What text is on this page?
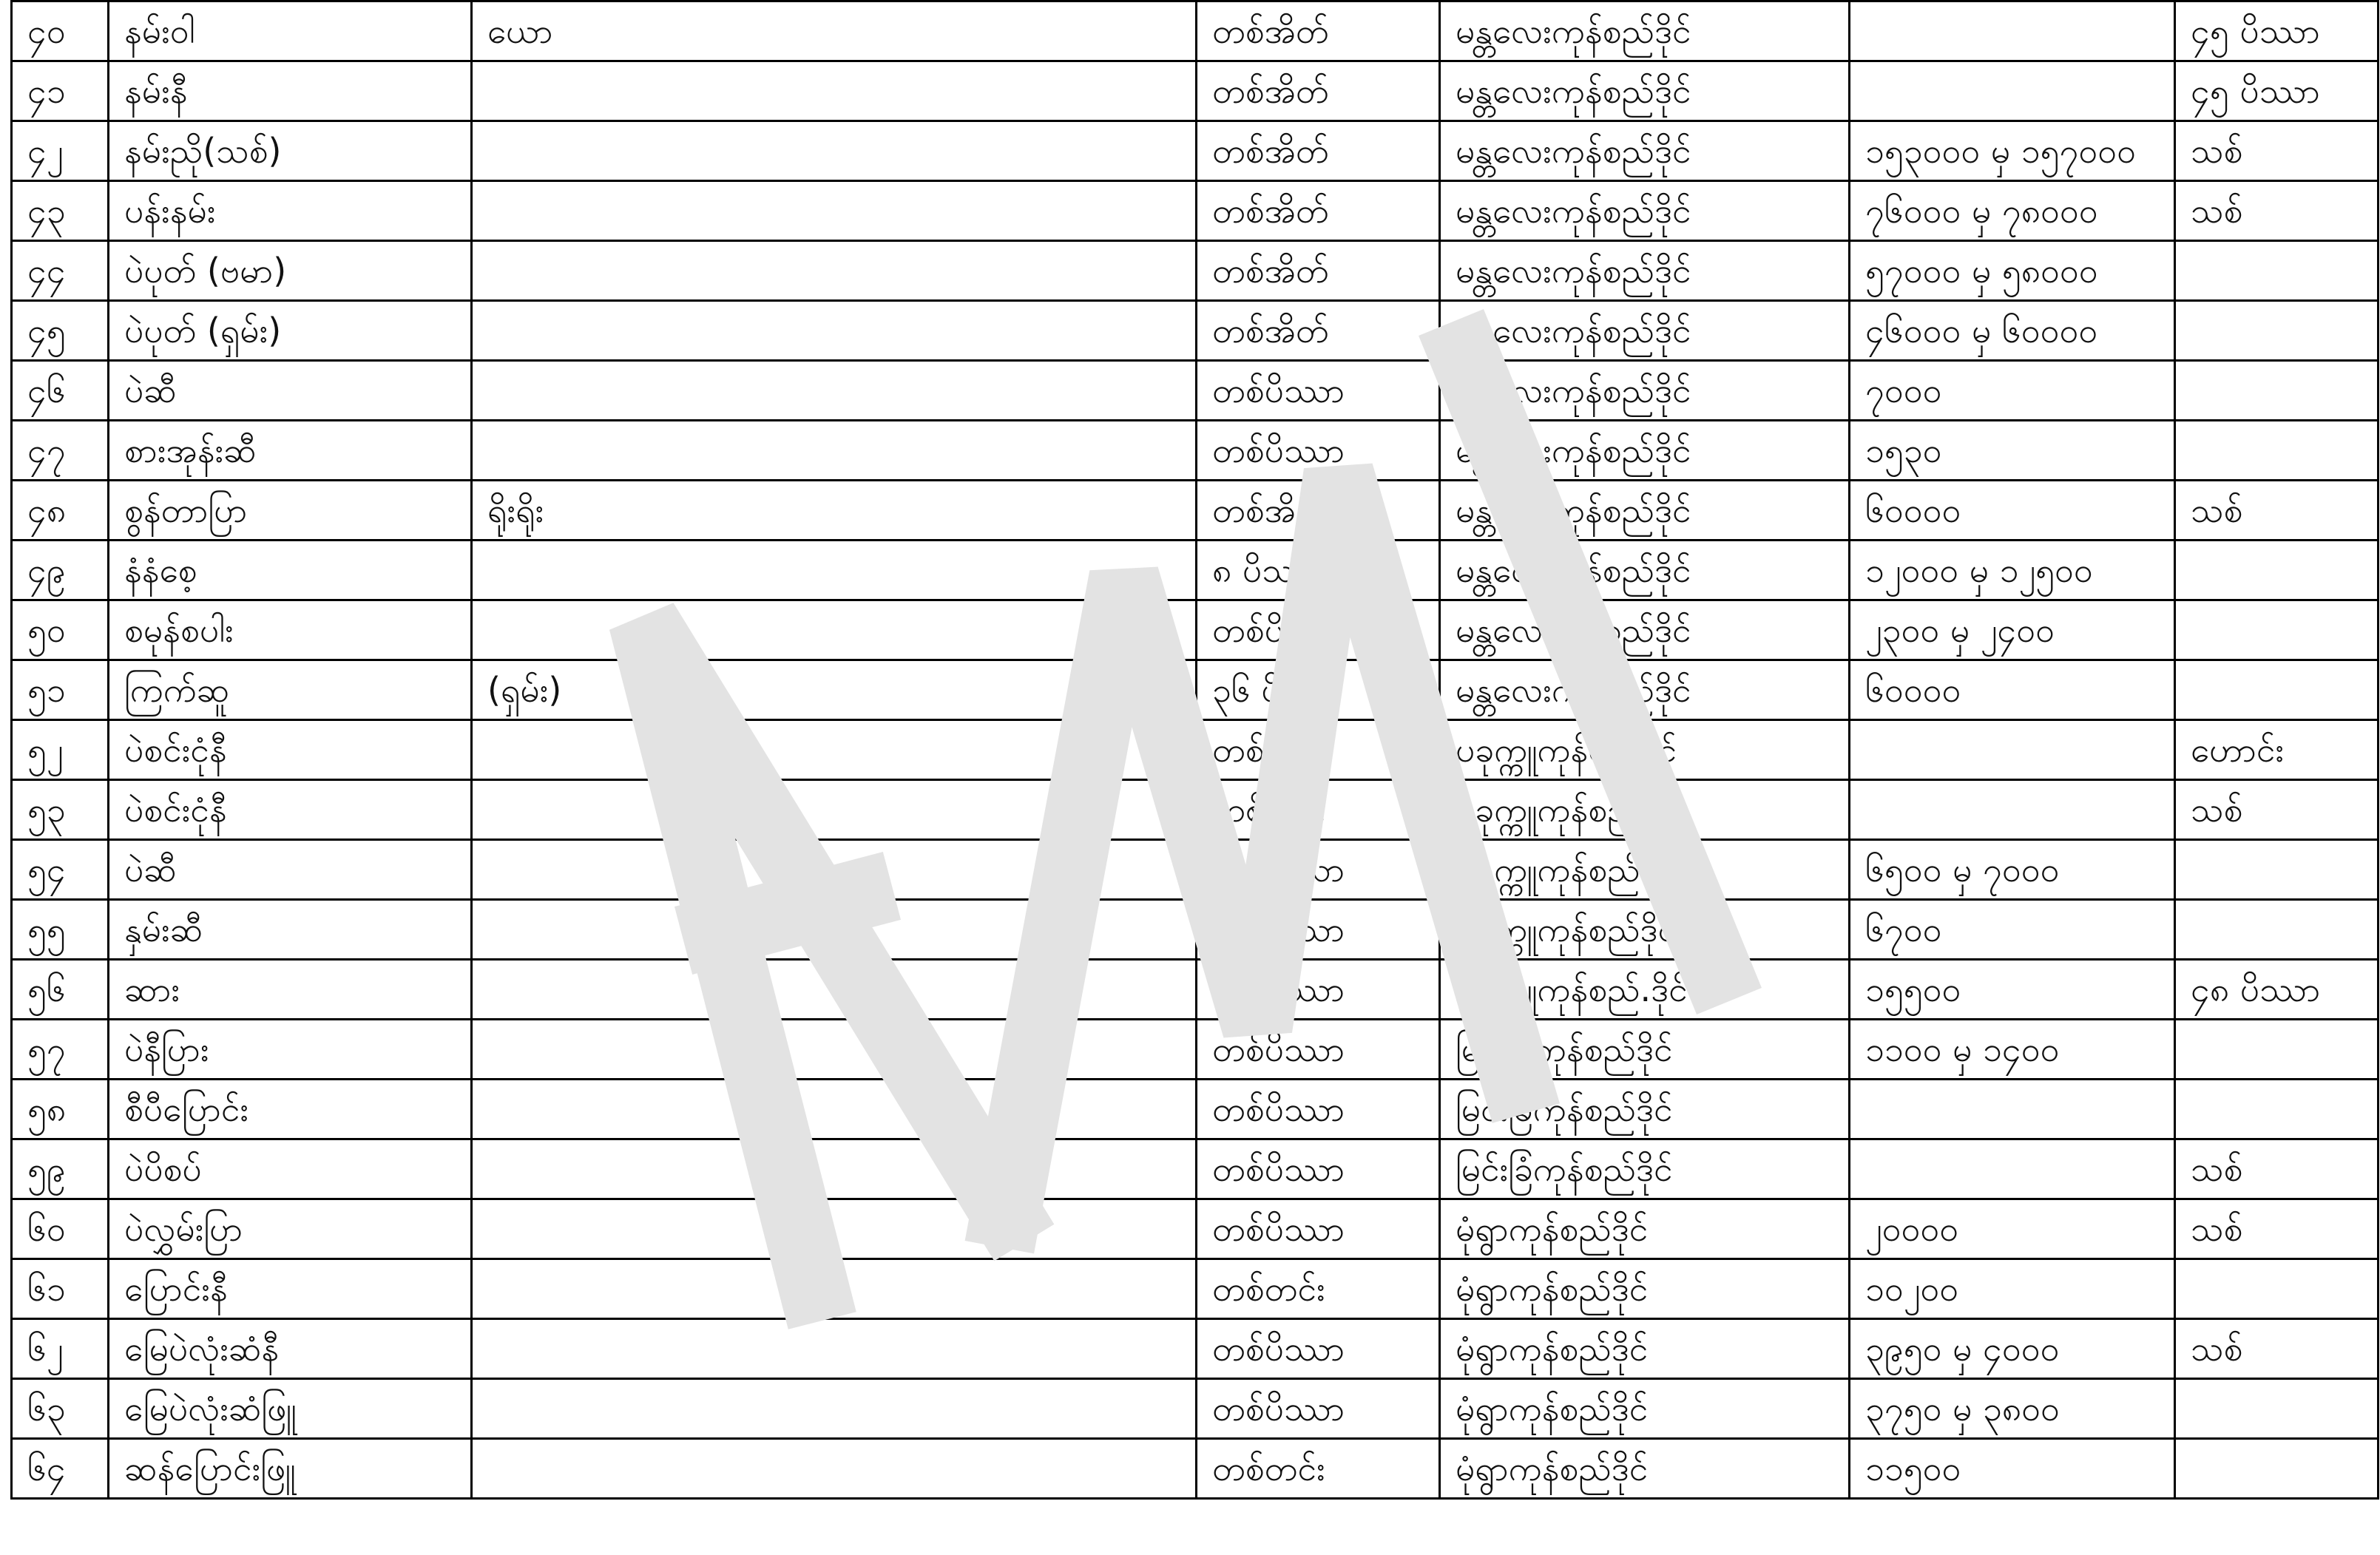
၄၀	နမ်းဝါ	ယော	တစ်အိတ်	မန္တလေးကုန်စည်ဒိုင်		၄၅ ပိဿာ
၄၁	နမ်းနီ		တစ်အိတ်	မန္တလေးကုန်စည်ဒိုင်		၄၅ ပိဿာ
၄၂	နမ်းညို(သစ်)		တစ်အိတ်	မန္တလေးကုန်စည်ဒိုင်	၁၅၃၀၀၀ မှ ၁၅၇၀၀၀	သစ်
၄၃	ပန်းနမ်း		တစ်အိတ်	မန္တလေးကုန်စည်ဒိုင်	၇၆၀၀၀ မှ ၇၈၀၀၀	သစ်
၄၄	ပဲပုတ် (ဗမာ)		တစ်အိတ်	မန္တလေးကုန်စည်ဒိုင်	၅၇၀၀၀ မှ ၅၈၀၀၀	
၄၅	ပဲပုတ် (ရှမ်း)		တစ်အိတ်	မန္တလေးကုန်စည်ဒိုင်	၄၆၀၀၀ မှ ၆၀၀၀၀	
၄၆	ပဲဆီ		တစ်ပိဿာ	မန္တလေးကုန်စည်ဒိုင်	၇၀၀၀	
၄၇	စားအုန်းဆီ		တစ်ပိဿာ	မန္တလေးကုန်စည်ဒိုင်	၁၅၃၀	
၄၈	စွန်တာပြာ	ရိုးရိုး	တစ်အိတ်	မန္တလေးကုန်စည်ဒိုင်	၆၀၀၀၀	သစ်
၄၉	နံနံစေ့		၈ ပိဿာ	မန္တလေးကုန်စည်ဒိုင်	၁၂၀၀၀ မှ ၁၂၅၀၀	
၅၀	စမုန်စပါး		တစ်ပိဿာ	မန္တလေးကုန်စည်ဒိုင်	၂၃၀၀ မှ ၂၄၀၀	
၅၁	ကြက်ဆူ	(ရှမ်း)	၃၆ ပိဿာ	မန္တလေးကုန်စည်ဒိုင်	၆၀၀၀၀	
၅၂	ပဲစင်းငုံနီ		တစ်တင်း	ပခုက္ကူကုန်စည်ဒိုင်		ဟောင်း
၅၃	ပဲစင်းငုံနီ		တစ်တင်း	ပခုက္ကူကုန်စည်ဒိုင်		သစ်
၅၄	ပဲဆီ		တစ်ပိဿာ	ပခုက္ကူကုန်စည်ဒိုင်	၆၅၀၀ မှ ၇၀၀၀	
၅၅	နှမ်းဆီ		တစ်ပိဿာ	ပခုက္ကူကုန်စည်ဒိုင်	၆၇၀၀	
၅၆	ဆား		တစ်ပိဿာ	ပခုက္ကူကုန်စည်.ဒိုင်	၁၅၅၀၀	၄၈ ပိဿာ
၅၇	ပဲနီပြား		တစ်ပိဿာ	မြင်းခြံကုန်စည်ဒိုင်	၁၁၀၀ မှ ၁၄၀၀	
၅၈	စီပီပြောင်း		တစ်ပိဿာ	မြင်းခြံကုန်စည်ဒိုင်		
၅၉	ပဲပိစပ်		တစ်ပိဿာ	မြင်းခြံကုန်စည်ဒိုင်		သစ်
၆၀	ပဲလွှမ်းပြာ		တစ်ပိဿာ	မုံရွာကုန်စည်ဒိုင်	၂၀၀၀၀	သစ်
၆၁	ပြောင်းနီ		တစ်တင်း	မုံရွာကုန်စည်ဒိုင်	၁၀၂၀၀	
၆၂	မြေပဲလုံးဆံနီ		တစ်ပိဿာ	မုံရွာကုန်စည်ဒိုင်	၃၉၅၀ မှ ၄၀၀၀	သစ်
၆၃	မြေပဲလုံးဆံဖြူ		တစ်ပိဿာ	မုံရွာကုန်စည်ဒိုင်	၃၇၅၀ မှ ၃၈၀၀	
၆၄	ဆန်ပြောင်းဖြူ		တစ်တင်း	မုံရွာကုန်စည်ဒိုင်	၁၁၅၀၀	
